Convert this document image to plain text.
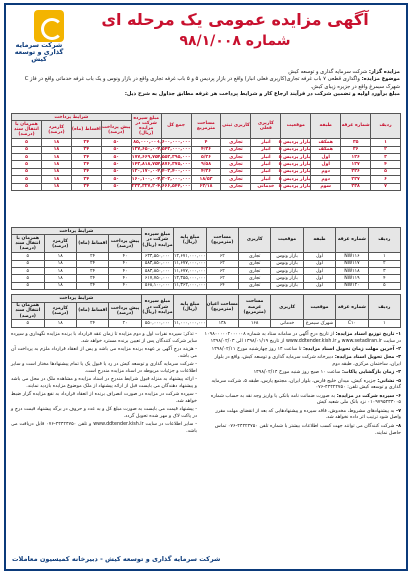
آگهی مزایده عمومی یک مرحله ای
شماره ۹۸/۱/۰۰۸
شرکت سرمایه گذاری و توسعه کیش
مزایده گزار: شرکت سرمایه گذاری و توسعه کیش
موضوع مزایده: واگذاری قطعی ۷ باب غرفه تجاری(کاربری فعلی انبار) واقع در بازار پردیس ۵ و ۵ باب غرفه تجاری واقع در بازار ونوس و یک باب غرفه خدماتی واقع در فاز C شهرک سیمرغ واقع در جزیره زیبای کیش.
مبلغ برآورد اولیه و تضمین شرکت در فرآیند ارجاع کار و شرایط پرداخت هر غرفه مطابق جداول به شرح ذیل:
ردیف	شماره غرفه	طبقه	موقعیت	کاربری فعلی	کاربری ثبتی	مساحت مترمربع	جمع کل	مبلغ سپرده شرکت در مزایده (ریال)	شرایط پرداخت			
									پیش پرداخت (درصد)	اقساط (ماه)	کارمزد (درصد)	همزمان با انتقال سند (درصد)
۱	۳۵	همکف	بازار پردیس ۵	انبار	تجاری	۴	۱,۶۰۰,۰۰۰,۰۰۰	۸۵,۰۰۰,۰۰۰	۵۰	۲۴	۱۸	۵
۲	۳۶	همکف	بازار پردیس ۵	انبار	تجاری	۴/۳۶	۲,۵۴۳,۰۰۰,۰۰۰	۱۲۷,۶۵۰,۰۰۰	۵۰	۲۴	۱۸	۵
۳	۱۲۶	اول	بازار پردیس ۵	انبار	تجاری	۵/۲۶	۳,۵۵۳,۳۹۵,۰۰۰	۱۷۷,۶۶۹,۷۵۰	۵۰	۲۴	۱۸	۵
۴	۱۲۷	اول	بازار پردیس ۵	انبار	تجاری	۹/۵۸	۲,۸۷۶,۳۷۵,۰۰۰	۱۴۳,۸۱۸,۷۵۰	۵۰	۲۴	۱۸	۵
۵	۲۲۶	دوم	بازار پردیس ۵	انبار	تجاری	۴/۲۶	۲,۴۰۳,۴۰۰,۰۰۰	۱۲۰,۱۷۰,۰۰۰	۵۰	۲۴	۱۸	۵
۶	۲۲۷	دوم	بازار پردیس ۵	انبار	تجاری	۱۸/۵۳	۳,۳۰۲,۰۰۰,۰۰۰	۱۶۰,۱۰۰,۰۰۰	۵۰	۲۴	۱۸	۵
۷	۲۳۸	سوم	بازار پردیس ۵	خدماتی	تجاری	۶۳/۱۸	۴,۶۶۶,۵۴۴,۰۰۰	۲۳۳,۳۲۷,۲۰۰	۵۰	۲۴	۱۸	۵
ردیف	شماره غرفه	طبقه	موقعیت	کاربری	مساحت (مترمربع)	مبلغ پایه (ریال)	مبلغ سپرده شرکت در مزایده (ریال)	شرایط پرداخت			
								پیش پرداخت (درصد)	اقساط (ماه)	کارمزد (درصد)	همزمان با انتقال سند (درصد)
۱	NW۱۱۶	اول	بازار ونوس	تجاری	۶۲	۱۲,۶۷۱,۰۰۰,۰۰۰	۶۳۳,۵۵۰,۰۰۰	۴۰	۲۴	۱۸	۵
۲	NW۱۱۷	اول	بازار ونوس	تجاری	۶۲	۱۱,۶۷۷,۰۰۰,۰۰۰	۵۸۳,۸۵۰,۰۰۰	۴۰	۲۴	۱۸	۵
۳	NW۱۱۸	اول	بازار ونوس	تجاری	۶۲	۱۱,۶۷۷,۰۰۰,۰۰۰	۵۸۳,۸۵۰,۰۰۰	۴۰	۲۴	۱۸	۵
۴	NW۱۱۹	اول	بازار ونوس	تجاری	۶۲	۱۲,۳۵۵,۰۰۰,۰۰۰	۶۱۷,۷۵۰,۰۰۰	۴۰	۲۴	۱۸	۵
۵	NW۱۲۰	اول	بازار ونوس	تجاری	۶۴	۱۱,۳۶۲,۰۰۰,۰۰۰	۵۶۸,۱۰۰,۰۰۰	۴۰	۲۴	۱۸	۵
ردیف	شماره غرفه	موقعیت	کاربری	مساحت عرصه (مترمربع)	مساحت اعیان (مترمربع)	مبلغ پایه (ریال)	مبلغ سپرده شرکت در مزایده (ریال)	شرایط پرداخت			
								پیش پرداخت (درصد)	اقساط (ماه)	کارمزد (درصد)	همزمان با انتقال سند (درصد)
۱	C۱۰	شهرک سیمرغ	خدماتی	۱۶۸	۱۳۸	۱۱,۰۰۰,۰۰۰,۰۰۰	۵۵۰,۰۰۰,۰۰۰	۲۰	۲۴	۱۸	۵

۱- تاریخ توزیع اسناد مزایده: از تاریخ درج آگهی در سامانه ستاد به شماره ۱۰۹۸۰۰۰۰۰۲۰۰۰۰۰۸ در سایت www.setadiran.ir و www.ddtender.kish.ir از تاریخ ۱۳۹۸/۰۱/۱۹ الی ۱۳۹۸/۰۲/۰۳

۲- آخرین مهلت زمان تحویل اسناد مزایده: تا ساعت ۱۴ روز چهارشنبه مورخ ۱۳۹۸/۰۲/۱۱

۳- محل تحویل اسناد مزایده: دبیرخانه شرکت سرمایه گذاری و توسعه کیش، واقع در بلوار ایران، ساختمان مرکزی، طبقه دوم

۴- زمان بازگشایی پاکات: ساعت ۱۰ صبح روز شنبه مورخ ۱۳۹۸/۰۲/۱۴

۵- نشانی: جزیره کیش، میدان خلیج فارس، بلوار ایران، مجتمع پارس، طبقه ۵، شرکت سرمایه گذاری و توسعه کیش تلفن: ۴۴۴۲۴۷۵۰-۰۷۶

۶- سپرده شرکت در مزایده: به صورت ضمانت نامه بانکی یا واریز وجه نقد به حساب شماره ۰۱۰۹۷۹۵۴۳۳۰۰۵ نزد بانک ملی شعبه کیش

۷- به پیشنهادهای مشروط، مخدوش، فاقد سپرده و پیشنهادهایی که بعد از انقضای مهلت مقرر واصل شود ترتیب اثر داده نخواهد شد.

۸- شرکت کنندگان می توانند جهت کسب اطلاعات بیشتر با شماره تلفن ۴۴۴۲۴۷۵۰-۰۷۶ تماس حاصل نمایند.

- تذکر: سپرده نفرات اول و دوم مزایده تا زمان عقد قرارداد با برنده مزایده نگهداری و سپرده سایر شرکت کنندگان پس از تعیین برنده مسترد خواهد شد.

- هزینه درج آگهی بر عهده برنده مزایده می باشد و پس از انعقاد قرارداد ملزم به پرداخت آن می باشد.

- شرکت سرمایه گذاری و توسعه کیش در رد یا قبول یک یا تمام پیشنهادها مختار است و سایر اطلاعات و جزئیات مربوطه در اسناد مزایده مندرج است.

- ارائه پیشنهاد به منزله قبول شرایط مندرج در اسناد مزایده و مشاهده ملک در محل می باشد و پیشنهاد دهندگان می بایست قبل از ارائه پیشنهاد از ملک موضوع مزایده بازدید نمایند.

- سپرده شرکت در مزایده در صورت انصراف برنده از انعقاد قرارداد به نفع مزایده گزار ضبط خواهد شد.

- پیشنهاد قیمت می بایست به صورت مبلغ کل و به عدد و حروف در برگه پیشنهاد قیمت درج و در پاکت لاک و مهر شده تحویل گردد.

- سایر اطلاعات در سایت www.ddtender.kish.ir و تلفن ۴۴۴۲۴۷۵۰-۰۷۶ قابل دریافت می باشد.

شرکت سرمایه گذاری و توسعه کیش - دبیرخانه کمیسیون معاملات
